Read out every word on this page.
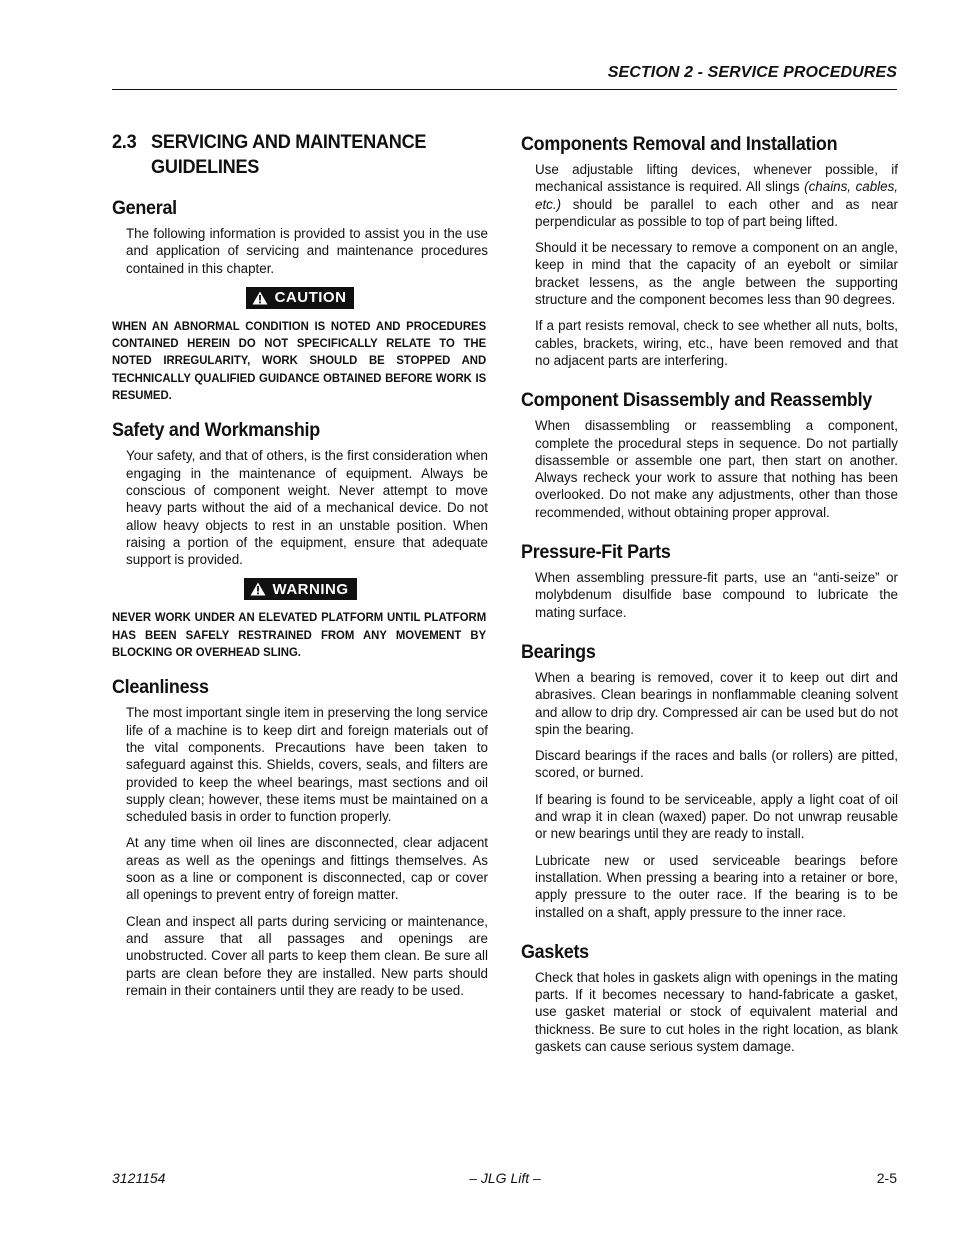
SECTION 2 - SERVICE PROCEDURES
2.3 SERVICING AND MAINTENANCE GUIDELINES
General

The following information is provided to assist you in the use and application of servicing and maintenance procedures contained in this chapter.

CAUTION
WHEN AN ABNORMAL CONDITION IS NOTED AND PROCEDURES CONTAINED HEREIN DO NOT SPECIFICALLY RELATE TO THE NOTED IRREGULARITY, WORK SHOULD BE STOPPED AND TECHNICALLY QUALIFIED GUIDANCE OBTAINED BEFORE WORK IS RESUMED.
Safety and Workmanship

Your safety, and that of others, is the first consideration when engaging in the maintenance of equipment. Always be conscious of component weight. Never attempt to move heavy parts without the aid of a mechanical device. Do not allow heavy objects to rest in an unstable position. When raising a portion of the equipment, ensure that adequate support is provided.

WARNING
NEVER WORK UNDER AN ELEVATED PLATFORM UNTIL PLATFORM HAS BEEN SAFELY RESTRAINED FROM ANY MOVEMENT BY BLOCKING OR OVERHEAD SLING.
Cleanliness

The most important single item in preserving the long service life of a machine is to keep dirt and foreign materials out of the vital components. Precautions have been taken to safeguard against this. Shields, covers, seals, and filters are provided to keep the wheel bearings, mast sections and oil supply clean; however, these items must be maintained on a scheduled basis in order to function properly.

At any time when oil lines are disconnected, clear adjacent areas as well as the openings and fittings themselves. As soon as a line or component is disconnected, cap or cover all openings to prevent entry of foreign matter.

Clean and inspect all parts during servicing or maintenance, and assure that all passages and openings are unobstructed. Cover all parts to keep them clean. Be sure all parts are clean before they are installed. New parts should remain in their containers until they are ready to be used.

Components Removal and Installation

Use adjustable lifting devices, whenever possible, if mechanical assistance is required. All slings (chains, cables, etc.) should be parallel to each other and as near perpendicular as possible to top of part being lifted.

Should it be necessary to remove a component on an angle, keep in mind that the capacity of an eyebolt or similar bracket lessens, as the angle between the supporting structure and the component becomes less than 90 degrees.

If a part resists removal, check to see whether all nuts, bolts, cables, brackets, wiring, etc., have been removed and that no adjacent parts are interfering.

Component Disassembly and Reassembly

When disassembling or reassembling a component, complete the procedural steps in sequence. Do not partially disassemble or assemble one part, then start on another. Always recheck your work to assure that nothing has been overlooked. Do not make any adjustments, other than those recommended, without obtaining proper approval.

Pressure-Fit Parts

When assembling pressure-fit parts, use an “anti-seize” or molybdenum disulfide base compound to lubricate the mating surface.

Bearings

When a bearing is removed, cover it to keep out dirt and abrasives. Clean bearings in nonflammable cleaning solvent and allow to drip dry. Compressed air can be used but do not spin the bearing.

Discard bearings if the races and balls (or rollers) are pitted, scored, or burned.

If bearing is found to be serviceable, apply a light coat of oil and wrap it in clean (waxed) paper. Do not unwrap reusable or new bearings until they are ready to install.

Lubricate new or used serviceable bearings before installation. When pressing a bearing into a retainer or bore, apply pressure to the outer race. If the bearing is to be installed on a shaft, apply pressure to the inner race.

Gaskets

Check that holes in gaskets align with openings in the mating parts. If it becomes necessary to hand-fabricate a gasket, use gasket material or stock of equivalent material and thickness. Be sure to cut holes in the right location, as blank gaskets can cause serious system damage.

3121154	– JLG Lift –	2-5
